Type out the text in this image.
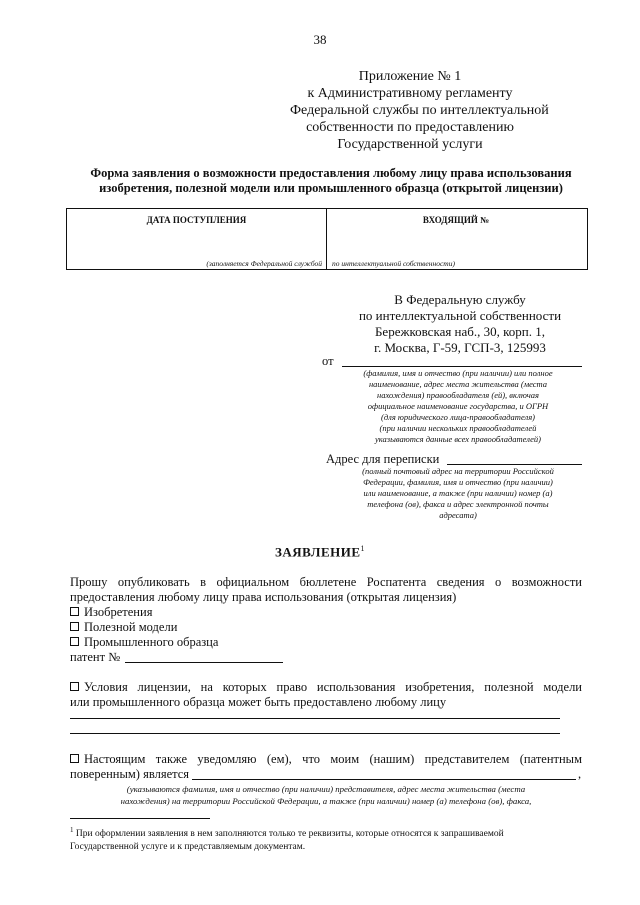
38
Приложение № 1
к Административному регламенту
Федеральной службы по интеллектуальной
собственности по предоставлению
Государственной услуги
Форма заявления о возможности предоставления любому лицу права использования
изобретения, полезной модели или промышленного образца (открытой лицензии)
ДАТА ПОСТУПЛЕНИЯ	ВХОДЯЩИЙ №
(заполняется Федеральной службой по интеллектуальной собственности)
В Федеральную службу
по интеллектуальной собственности
Бережковская наб., 30, корп. 1,
г. Москва, Г-59, ГСП-3, 125993
от
(фамилия, имя и отчество (при наличии) или полное
наименование, адрес места жительства (места
нахождения) правообладателя (ей), включая
официальное наименование государства, и ОГРН
(для юридического лица-правообладателя)
(при наличии нескольких правообладателей
указываются данные всех правообладателей)
Адрес для переписки
(полный почтовый адрес на территории Российской
Федерации, фамилия, имя и отчество (при наличии)
или наименование, а также (при наличии) номер (а)
телефона (ов), факса и адрес электронной почты
адресата)
ЗАЯВЛЕНИЕ$^1$
Прошу опубликовать в официальном бюллетене Роспатента сведения о возможности
предоставления любому лицу права использования (открытая лицензия)
Изобретения
Полезной модели
Промышленного образца
патент №
Условия лицензии, на которых право использования изобретения, полезной модели
или промышленного образца может быть предоставлено любому лицу
Настоящим также уведомляю (ем), что моим (нашим) представителем (патентным
поверенным) является	,
(указываются фамилия, имя и отчество (при наличии) представителя, адрес места жительства (места
нахождения) на территории Российской Федерации, а также (при наличии) номер (а) телефона (ов), факса,
$^1$ При оформлении заявления в нем заполняются только те реквизиты, которые относятся к запрашиваемой
Государственной услуге и к представляемым документам.
